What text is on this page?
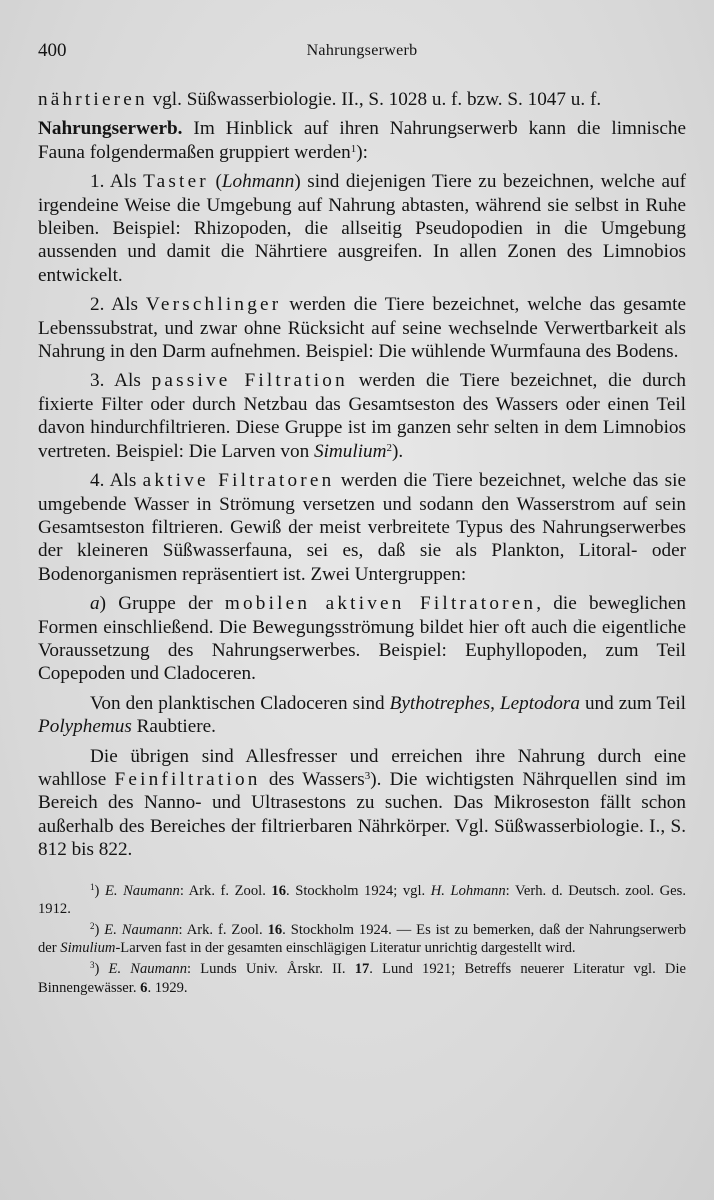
400	Nahrungserwerb

nährtieren vgl. Süßwasserbiologie. II., S. 1028 u. f. bzw. S. 1047 u. f.

Nahrungserwerb. Im Hinblick auf ihren Nahrungserwerb kann die limnische Fauna folgendermaßen gruppiert werden$^1$):

1. Als Taster (Lohmann) sind diejenigen Tiere zu bezeichnen, welche auf irgendeine Weise die Umgebung auf Nahrung abtasten, während sie selbst in Ruhe bleiben. Beispiel: Rhizopoden, die allseitig Pseudopodien in die Umgebung aussenden und damit die Nährtiere ausgreifen. In allen Zonen des Limnobios entwickelt.

2. Als Verschlinger werden die Tiere bezeichnet, welche das gesamte Lebenssubstrat, und zwar ohne Rücksicht auf seine wechselnde Verwertbarkeit als Nahrung in den Darm aufnehmen. Beispiel: Die wühlende Wurmfauna des Bodens.

3. Als passive Filtration werden die Tiere bezeichnet, die durch fixierte Filter oder durch Netzbau das Gesamtseston des Wassers oder einen Teil davon hindurchfiltrieren. Diese Gruppe ist im ganzen sehr selten in dem Limnobios vertreten. Beispiel: Die Larven von Simulium$^2$).

4. Als aktive Filtratoren werden die Tiere bezeichnet, welche das sie umgebende Wasser in Strömung versetzen und sodann den Wasserstrom auf sein Gesamtseston filtrieren. Gewiß der meist verbreitete Typus des Nahrungserwerbes der kleineren Süßwasserfauna, sei es, daß sie als Plankton, Litoral- oder Bodenorganismen repräsentiert ist. Zwei Untergruppen:

a) Gruppe der mobilen aktiven Filtratoren, die beweglichen Formen einschließend. Die Bewegungsströmung bildet hier oft auch die eigentliche Voraussetzung des Nahrungserwerbes. Beispiel: Euphyllopoden, zum Teil Copepoden und Cladoceren.

Von den planktischen Cladoceren sind Bythotrephes, Leptodora und zum Teil Polyphemus Raubtiere.

Die übrigen sind Allesfresser und erreichen ihre Nahrung durch eine wahllose Feinfiltration des Wassers$^3$). Die wichtigsten Nährquellen sind im Bereich des Nanno- und Ultrasestons zu suchen. Das Mikroseston fällt schon außerhalb des Bereiches der filtrierbaren Nährkörper. Vgl. Süßwasserbiologie. I., S. 812 bis 822.

$^1$) E. Naumann: Ark. f. Zool. 16. Stockholm 1924; vgl. H. Lohmann: Verh. d. Deutsch. zool. Ges. 1912.

$^2$) E. Naumann: Ark. f. Zool. 16. Stockholm 1924. — Es ist zu bemerken, daß der Nahrungserwerb der Simulium-Larven fast in der gesamten einschlägigen Literatur unrichtig dargestellt wird.

$^3$) E. Naumann: Lunds Univ. Årskr. II. 17. Lund 1921; Betreffs neuerer Literatur vgl. Die Binnengewässer. 6. 1929.
